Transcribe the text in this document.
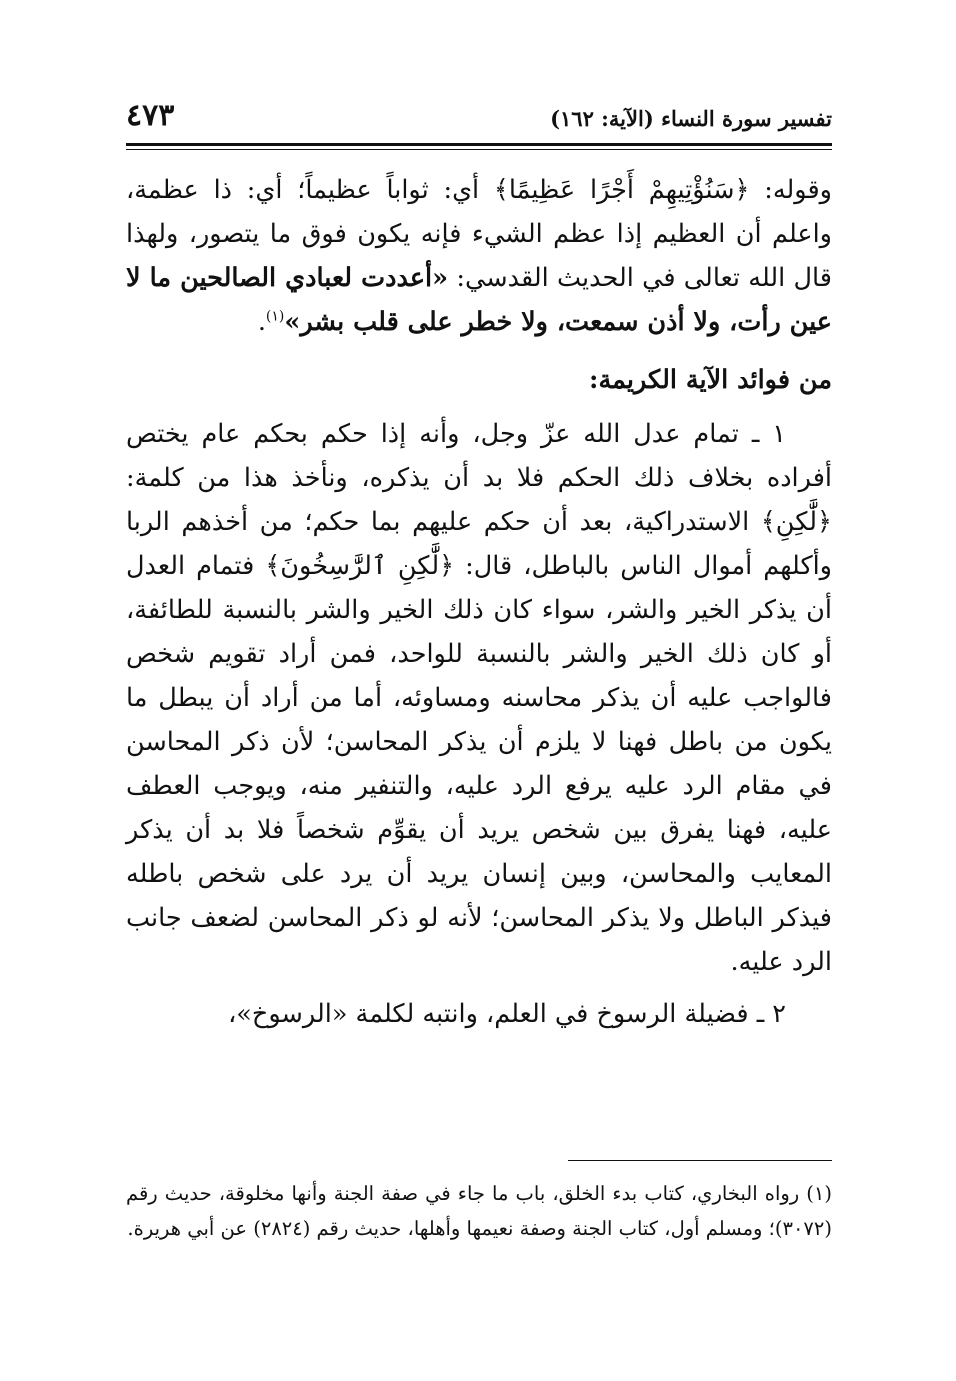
تفسير سورة النساء (الآية: ١٦٢)
٤٧٣

وقوله: ﴿سَنُؤْتِيهِمْ أَجْرًا عَظِيمًا﴾ أي: ثواباً عظيماً؛ أي: ذا عظمة، واعلم أن العظيم إذا عظم الشيء فإنه يكون فوق ما يتصور، ولهذا قال الله تعالى في الحديث القدسي: «أعددت لعبادي الصالحين ما لا عين رأت، ولا أذن سمعت، ولا خطر على قلب بشر»$^{(١)}$.

من فوائد الآية الكريمة:

١ ـ تمام عدل الله عزّ وجل، وأنه إذا حكم بحكم عام يختص أفراده بخلاف ذلك الحكم فلا بد أن يذكره، ونأخذ هذا من كلمة: ﴿لَّٰكِنِ﴾ الاستدراكية، بعد أن حكم عليهم بما حكم؛ من أخذهم الربا وأكلهم أموال الناس بالباطل، قال: ﴿لَّٰكِنِ ٱلرَّٰسِخُونَ﴾ فتمام العدل أن يذكر الخير والشر، سواء كان ذلك الخير والشر بالنسبة للطائفة، أو كان ذلك الخير والشر بالنسبة للواحد، فمن أراد تقويم شخص فالواجب عليه أن يذكر محاسنه ومساوئه، أما من أراد أن يبطل ما يكون من باطل فهنا لا يلزم أن يذكر المحاسن؛ لأن ذكر المحاسن في مقام الرد عليه يرفع الرد عليه، والتنفير منه، ويوجب العطف عليه، فهنا يفرق بين شخص يريد أن يقوِّم شخصاً فلا بد أن يذكر المعايب والمحاسن، وبين إنسان يريد أن يرد على شخص باطله فيذكر الباطل ولا يذكر المحاسن؛ لأنه لو ذكر المحاسن لضعف جانب الرد عليه.

٢ ـ فضيلة الرسوخ في العلم، وانتبه لكلمة «الرسوخ»،

(١) رواه البخاري، كتاب بدء الخلق، باب ما جاء في صفة الجنة وأنها مخلوقة، حديث رقم (٣٠٧٢)؛ ومسلم أول، كتاب الجنة وصفة نعيمها وأهلها، حديث رقم (٢٨٢٤) عن أبي هريرة.
